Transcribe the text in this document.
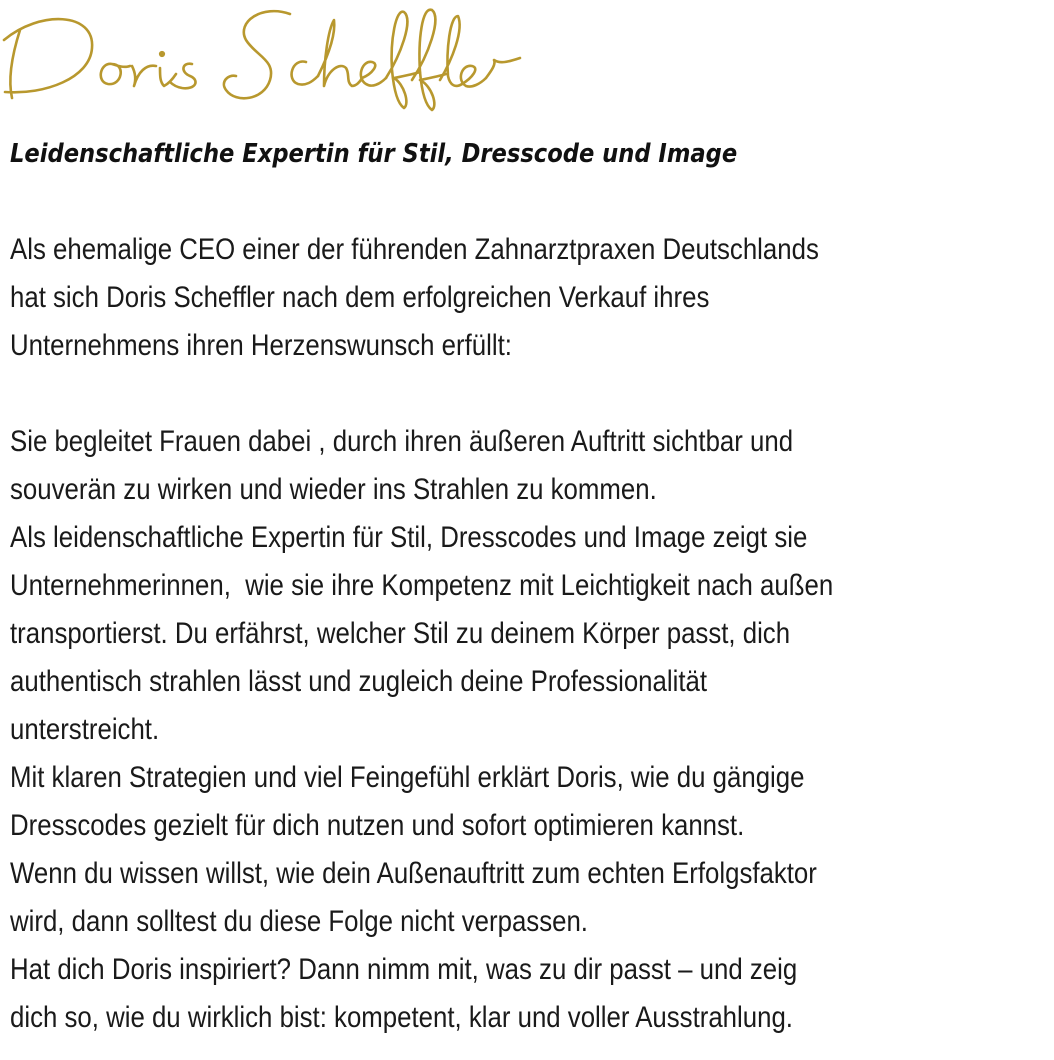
Leidenschaftliche Expertin für Stil, Dresscode und Image
Als ehemalige CEO einer der führenden Zahnarztpraxen Deutschlands
hat sich Doris Scheffler nach dem erfolgreichen Verkauf ihres
Unternehmens ihren Herzenswunsch erfüllt:
Sie begleitet Frauen dabei , durch ihren äußeren Auftritt sichtbar und
souverän zu wirken und wieder ins Strahlen zu kommen.
Als leidenschaftliche Expertin für Stil, Dresscodes und Image zeigt sie
Unternehmerinnen,  wie sie ihre Kompetenz mit Leichtigkeit nach außen
transportierst. Du erfährst, welcher Stil zu deinem Körper passt, dich
authentisch strahlen lässt und zugleich deine Professionalität
unterstreicht.
Mit klaren Strategien und viel Feingefühl erklärt Doris, wie du gängige
Dresscodes gezielt für dich nutzen und sofort optimieren kannst.
Wenn du wissen willst, wie dein Außenauftritt zum echten Erfolgsfaktor
wird, dann solltest du diese Folge nicht verpassen.
Hat dich Doris inspiriert? Dann nimm mit, was zu dir passt – und zeig
dich so, wie du wirklich bist: kompetent, klar und voller Ausstrahlung.
